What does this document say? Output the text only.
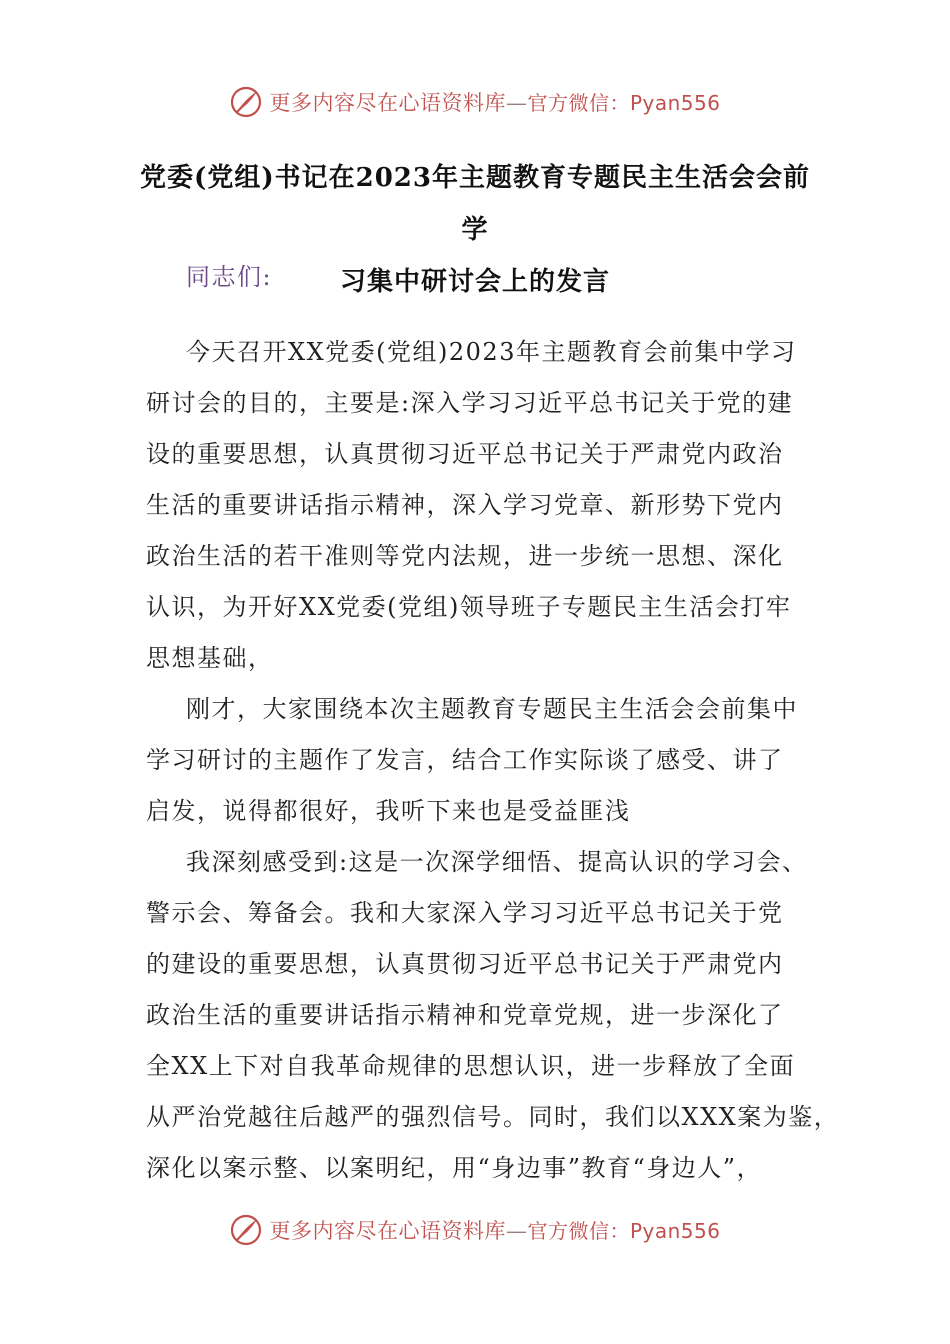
更多内容尽在心语资料库—官方微信：Pyan556
党委(党组)书记在2023年主题教育专题民主生活会会前学
习集中研讨会上的发言
同志们:
今天召开XX党委(党组)2023年主题教育会前集中学习
研讨会的目的，主要是:深入学习习近平总书记关于党的建
设的重要思想，认真贯彻习近平总书记关于严肃党内政治
生活的重要讲话指示精神，深入学习党章、新形势下党内
政治生活的若干准则等党内法规，进一步统一思想、深化
认识，为开好XX党委(党组)领导班子专题民主生活会打牢
思想基础，
刚才，大家围绕本次主题教育专题民主生活会会前集中
学习研讨的主题作了发言，结合工作实际谈了感受、讲了
启发，说得都很好，我听下来也是受益匪浅
我深刻感受到:这是一次深学细悟、提高认识的学习会、
警示会、筹备会。我和大家深入学习习近平总书记关于党
的建设的重要思想，认真贯彻习近平总书记关于严肃党内
政治生活的重要讲话指示精神和党章党规，进一步深化了
全XX上下对自我革命规律的思想认识，进一步释放了全面
从严治党越往后越严的强烈信号。同时，我们以XXX案为鉴，
深化以案示整、以案明纪，用“身边事”教育“身边人”，
更多内容尽在心语资料库—官方微信：Pyan556
